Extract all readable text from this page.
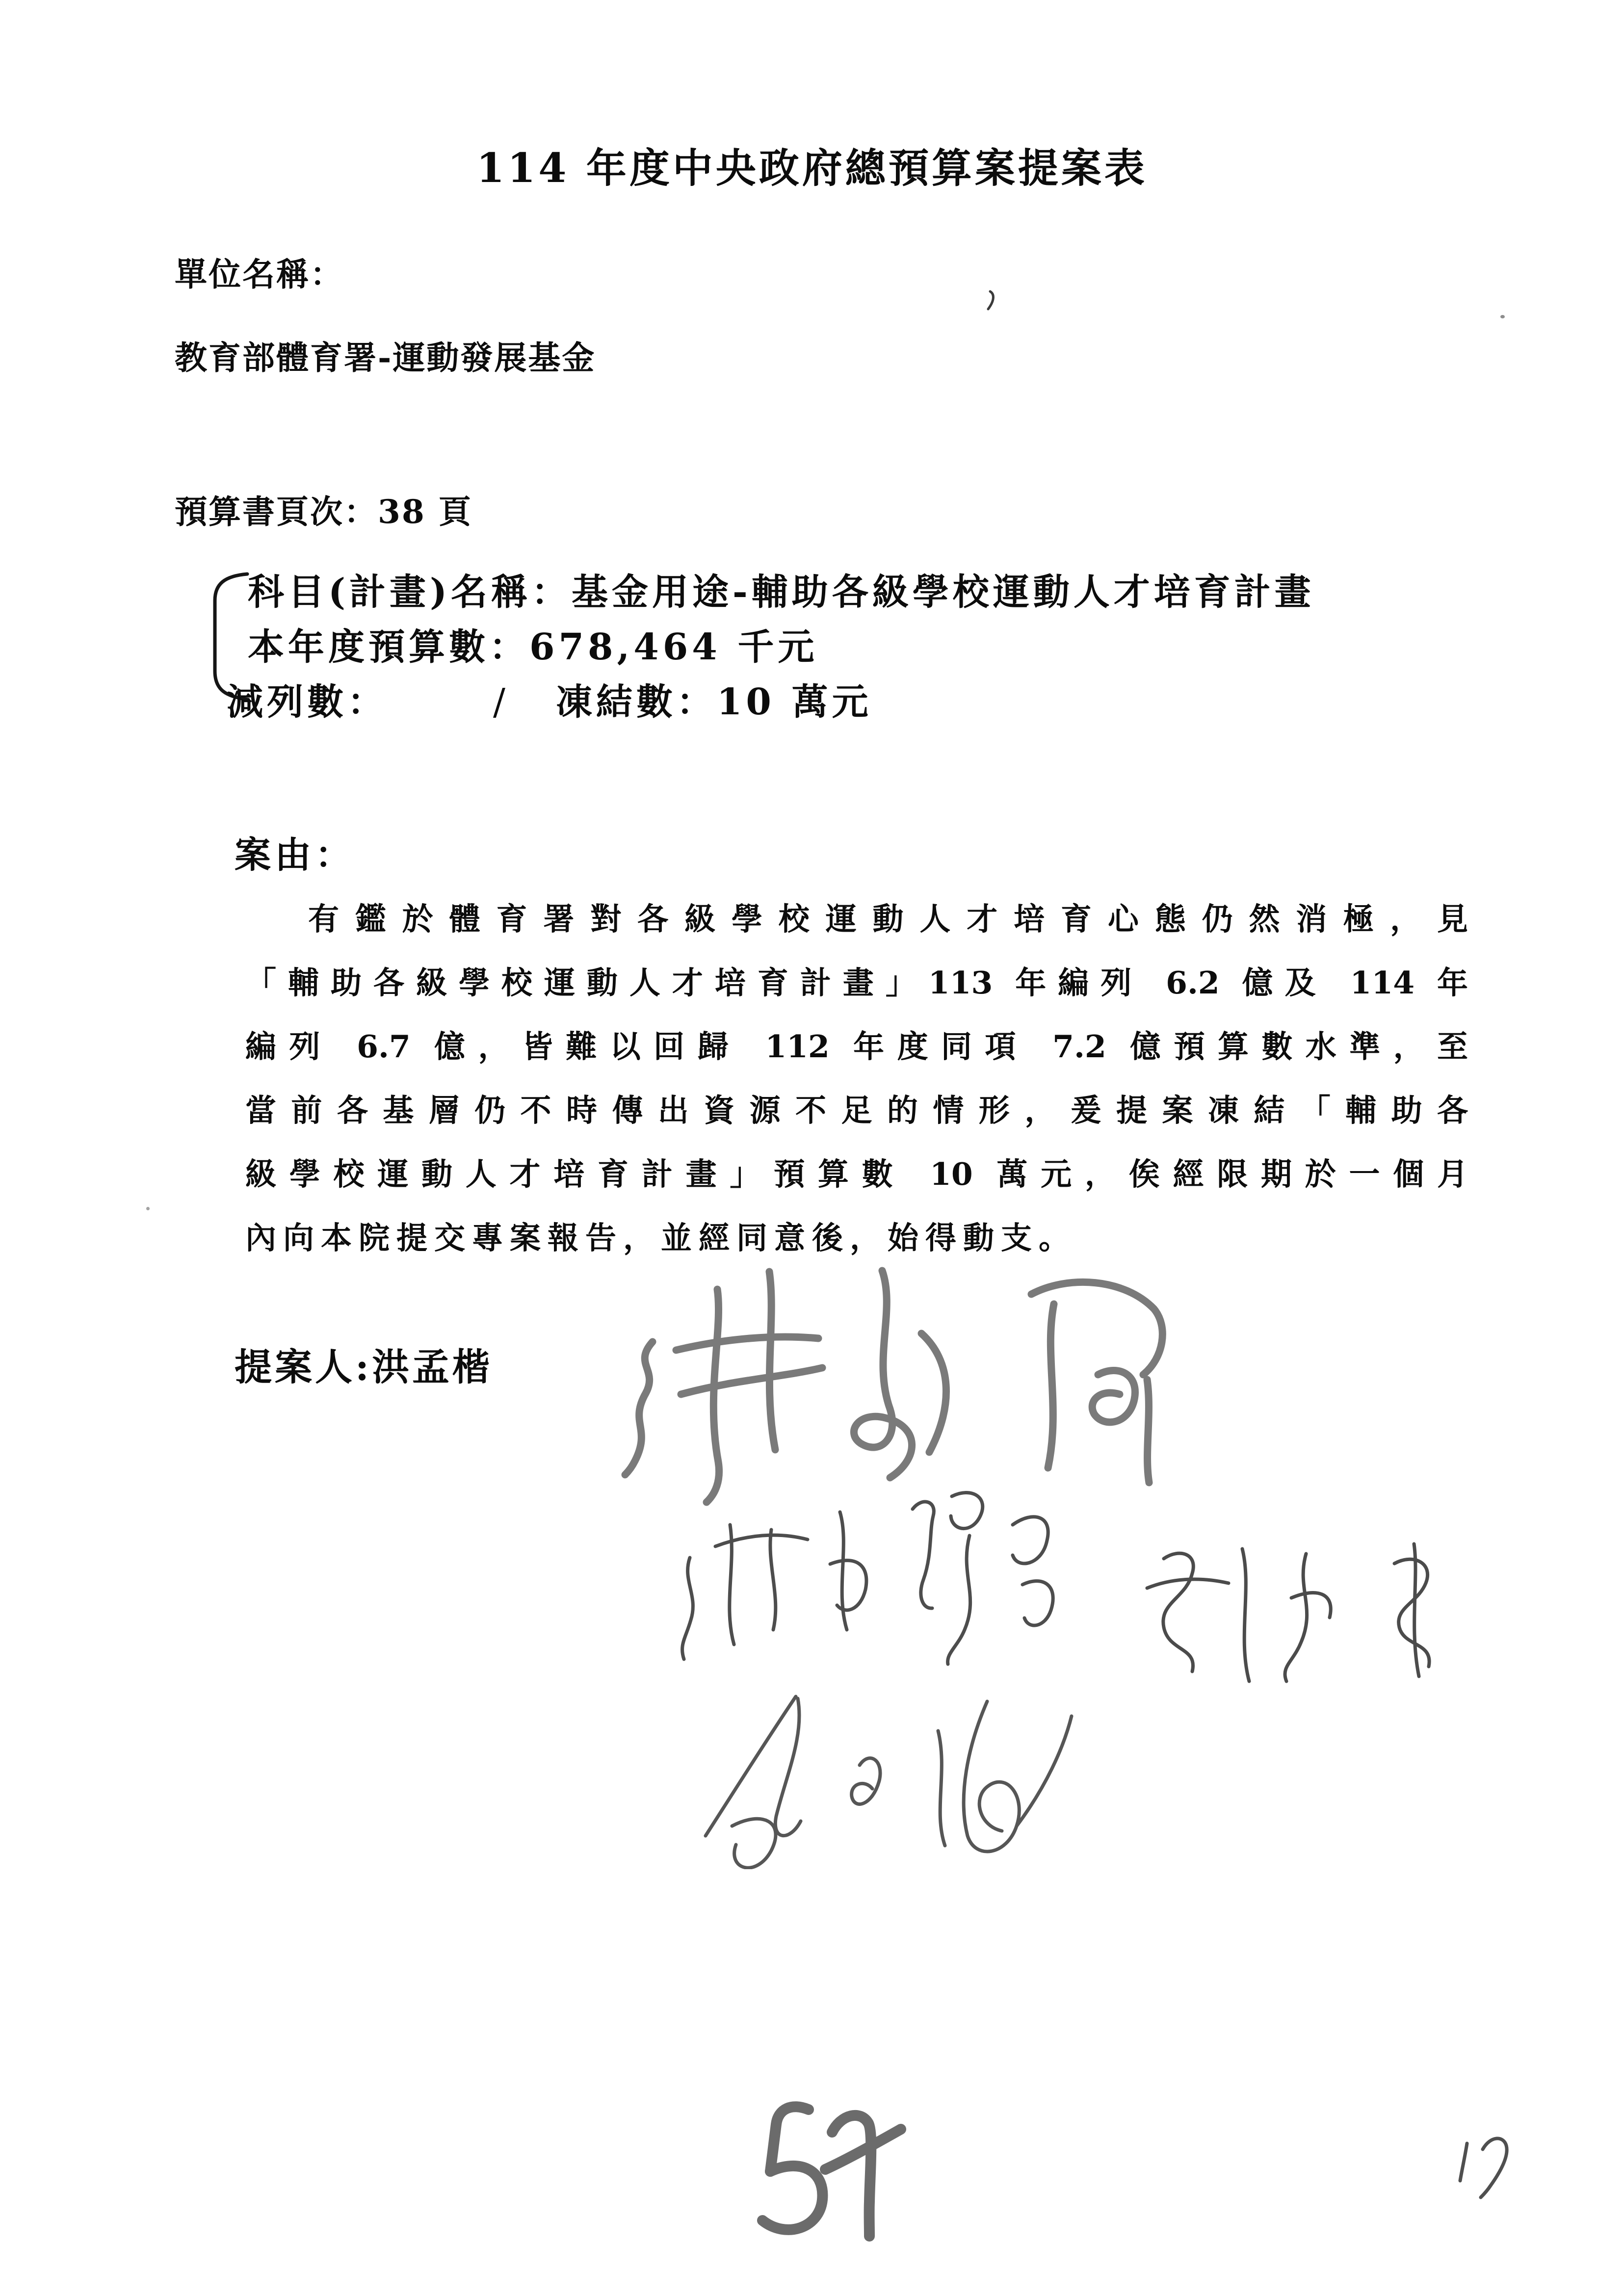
114 年度中央政府總預算案提案表
單位名稱：
教育部體育署-運動發展基金
預算書頁次：38 頁
科目(計畫)名稱：基金用途-輔助各級學校運動人才培育計畫
本年度預算數：678,464 千元
減列數：	/ 凍結數：10 萬元
案由：
有鑑於體育署對各級學校運動人才培育心態仍然消極，見
「輔助各級學校運動人才培育計畫」113 年編列 6.2 億及 114 年
編列 6.7 億，皆難以回歸 112 年度同項 7.2 億預算數水準，至
當前各基層仍不時傳出資源不足的情形，爰提案凍結「輔助各
級學校運動人才培育計畫」預算數 10 萬元，俟經限期於一個月
內向本院提交專案報告，並經同意後，始得動支。
提案人:洪孟楷
